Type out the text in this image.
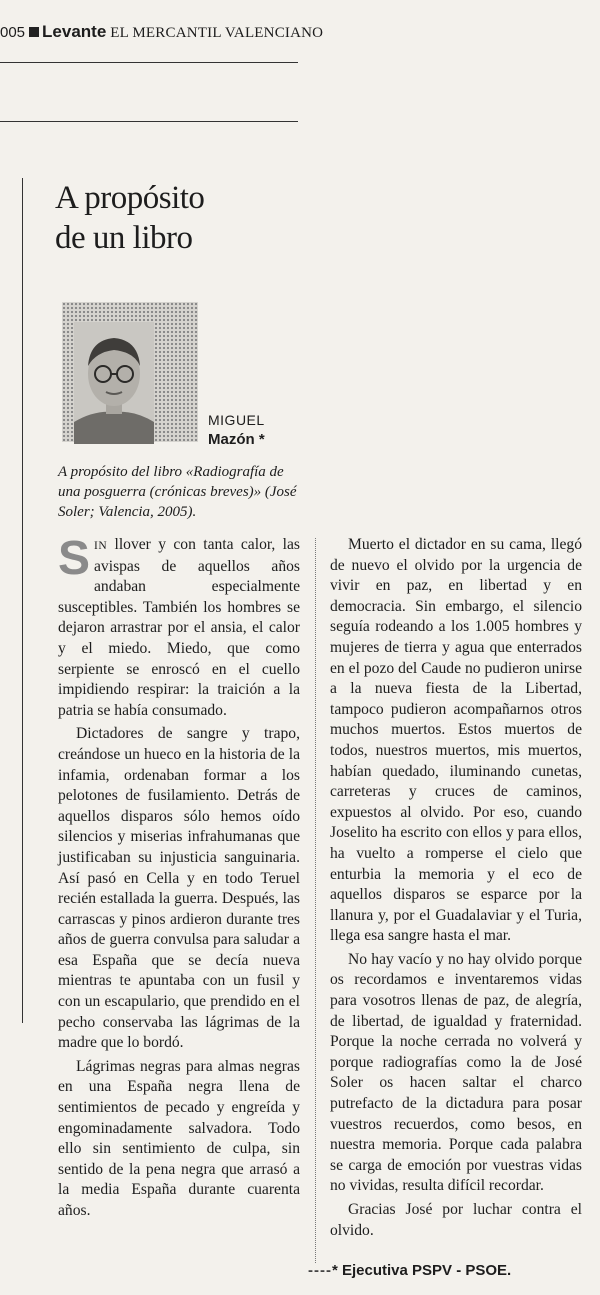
005 Levante EL MERCANTIL VALENCIANO
A propósito
de un libro
MIGUEL
Mazón *

A propósito del libro «Radiografía de una posguerra (crónicas breves)» (José Soler; Valencia, 2005).

SIN llover y con tanta calor, las avispas de aquellos años andaban especialmente susceptibles. También los hombres se dejaron arrastrar por el ansia, el calor y el miedo. Miedo, que como serpiente se enroscó en el cuello impidiendo respirar: la traición a la patria se había consumado.

Dictadores de sangre y trapo, creándose un hueco en la historia de la infamia, ordenaban formar a los pelotones de fusilamiento. Detrás de aquellos disparos sólo hemos oído silencios y miserias infrahumanas que justificaban su injusticia sanguinaria. Así pasó en Cella y en todo Teruel recién estallada la guerra. Después, las carrascas y pinos ardieron durante tres años de guerra convulsa para saludar a esa España que se decía nueva mientras te apuntaba con un fusil y con un escapulario, que prendido en el pecho conservaba las lágrimas de la madre que lo bordó.

Lágrimas negras para almas negras en una España negra llena de sentimientos de pecado y engreída y engominadamente salvadora. Todo ello sin sentimiento de culpa, sin sentido de la pena negra que arrasó a la media España durante cuarenta años.

Muerto el dictador en su cama, llegó de nuevo el olvido por la urgencia de vivir en paz, en libertad y en democracia. Sin embargo, el silencio seguía rodeando a los 1.005 hombres y mujeres de tierra y agua que enterrados en el pozo del Caude no pudieron unirse a la nueva fiesta de la Libertad, tampoco pudieron acompañarnos otros muchos muertos. Estos muertos de todos, nuestros muertos, mis muertos, habían quedado, iluminando cunetas, carreteras y cruces de caminos, expuestos al olvido. Por eso, cuando Joselito ha escrito con ellos y para ellos, ha vuelto a romperse el cielo que enturbia la memoria y el eco de aquellos disparos se esparce por la llanura y, por el Guadalaviar y el Turia, llega esa sangre hasta el mar.

No hay vacío y no hay olvido porque os recordamos e inventaremos vidas para vosotros llenas de paz, de alegría, de libertad, de igualdad y fraternidad. Porque la noche cerrada no volverá y porque radiografías como la de José Soler os hacen saltar el charco putrefacto de la dictadura para posar vuestros recuerdos, como besos, en nuestra memoria. Porque cada palabra se carga de emoción por vuestras vidas no vividas, resulta difícil recordar.

Gracias José por luchar contra el olvido.

----* Ejecutiva PSPV - PSOE.
